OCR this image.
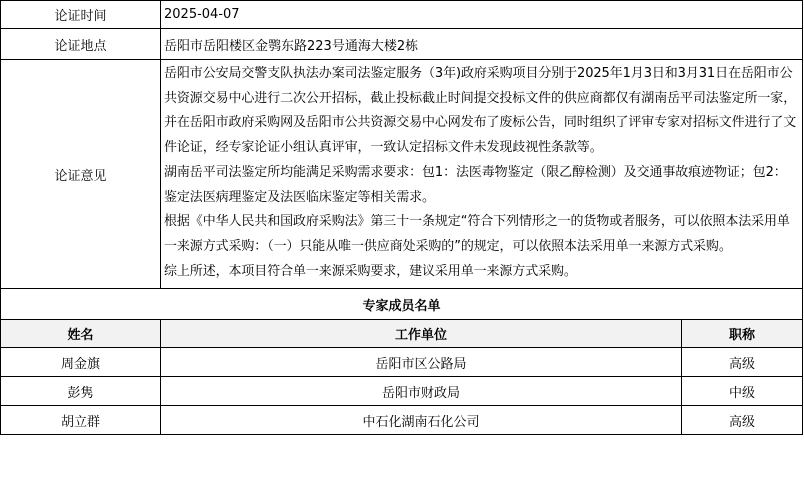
论证时间	2025-04-07
论证地点	岳阳市岳阳楼区金鹗东路223号通海大楼2栋
论证意见	岳阳市公安局交警支队执法办案司法鉴定服务（3年)政府采购项目分别于2025年1月3日和3月31日在岳阳市公共资源交易中心进行二次公开招标，截止投标截止时间提交投标文件的供应商都仅有湖南岳平司法鉴定所一家，并在岳阳市政府采购网及岳阳市公共资源交易中心网发布了废标公告，同时组织了评审专家对招标文件进行了文件论证，经专家论证小组认真评审，一致认定招标文件未发现歧视性条款等。

湖南岳平司法鉴定所均能满足采购需求要求：包1：法医毒物鉴定（限乙醇检测）及交通事故痕迹物证；包2：鉴定法医病理鉴定及法医临床鉴定等相关需求。

根据《中华人民共和国政府采购法》第三十一条规定“符合下列情形之一的货物或者服务，可以依照本法采用单一来源方式采购：（一）只能从唯一供应商处采购的”的规定，可以依照本法采用单一来源方式采购。

综上所述，本项目符合单一来源采购要求，建议采用单一来源方式采购。

专家成员名单	
姓名	工作单位	职称
周金旗	岳阳市区公路局	高级
彭隽	岳阳市财政局	中级
胡立群	中石化湖南石化公司	高级
